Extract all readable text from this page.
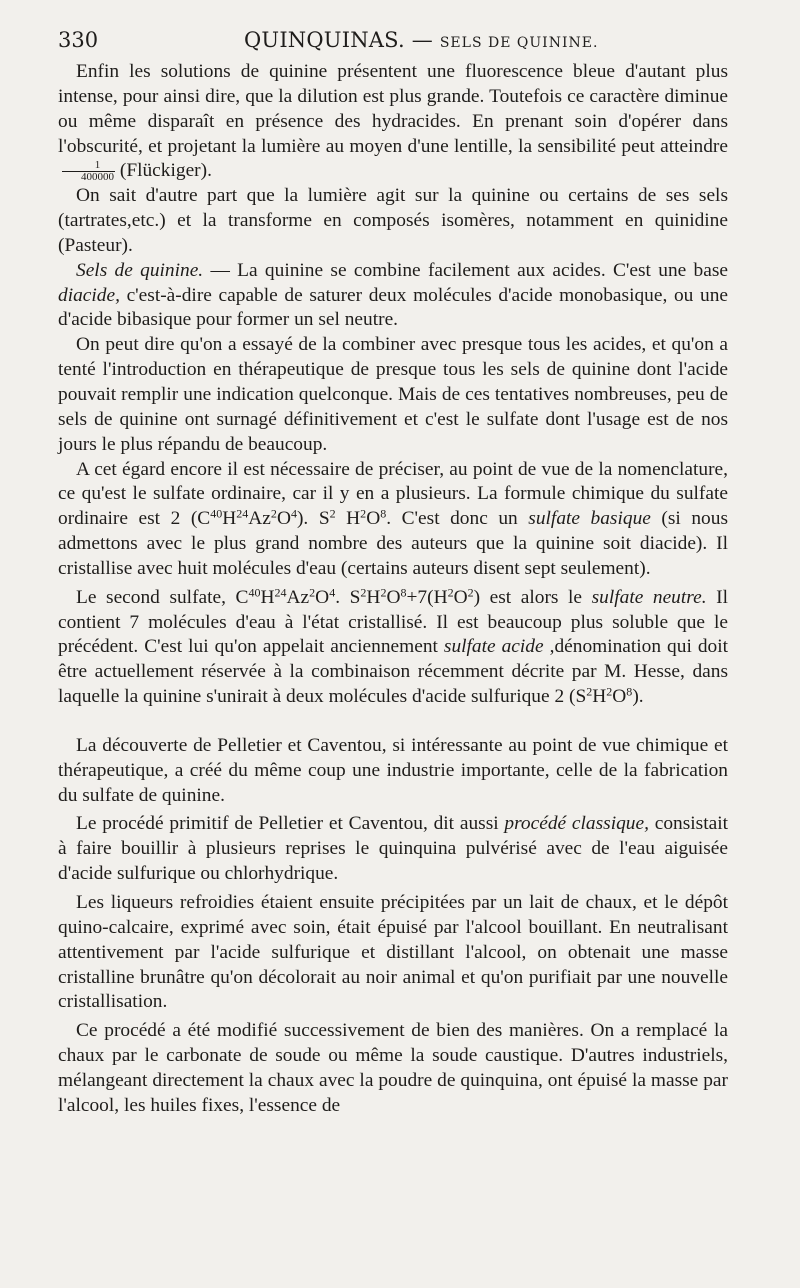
330	QUINQUINAS. — SELS DE QUININE.

Enfin les solutions de quinine présentent une fluorescence bleue d'autant plus intense, pour ainsi dire, que la dilution est plus grande. Toutefois ce caractère diminue ou même disparaît en présence des hydracides. En prenant soin d'opérer dans l'obscurité, et projetant la lumière au moyen d'une lentille, la sensibilité peut atteindre
$\frac{1}{400000}$ (Flückiger).

On sait d'autre part que la lumière agit sur la quinine ou certains de ses sels (tartrates,etc.) et la transforme en composés isomères, notamment en quinidine (Pasteur).

Sels de quinine. — La quinine se combine facilement aux acides. C'est une base diacide, c'est-à-dire capable de saturer deux molécules d'acide monobasique, ou une d'acide bibasique pour former un sel neutre.

On peut dire qu'on a essayé de la combiner avec presque tous les acides, et qu'on a tenté l'introduction en thérapeutique de presque tous les sels de quinine dont l'acide pouvait remplir une indication quelconque. Mais de ces tentatives nombreuses, peu de sels de quinine ont surnagé définitivement et c'est le sulfate dont l'usage est de nos jours le plus répandu de beaucoup.

A cet égard encore il est nécessaire de préciser, au point de vue de la nomenclature, ce qu'est le sulfate ordinaire, car il y en a plusieurs. La formule chimique du sulfate ordinaire est 2 $(C^{40}H^{24}Az^2O^4)$. $S^2$ $H^2O^8$. C'est donc un sulfate basique (si nous admettons avec le plus grand nombre des auteurs que la quinine soit diacide). Il cristallise avec huit molécules d'eau (certains auteurs disent sept seulement).

Le second sulfate, $C^{40}H^{24}Az^2O^4$. $S^2H^2O^8+7(H^2O^2)$ est alors le sulfate neutre. Il contient 7 molécules d'eau à l'état cristallisé. Il est beaucoup plus soluble que le précédent. C'est lui qu'on appelait anciennement sulfate acide ,dénomination qui doit être actuellement réservée à la combinaison récemment décrite par M. Hesse, dans laquelle la quinine s'unirait à deux molécules d'acide sulfurique 2 $(S^2H^2O^8)$.

La découverte de Pelletier et Caventou, si intéressante au point de vue chimique et thérapeutique, a créé du même coup une industrie importante, celle de la fabrication du sulfate de quinine.

Le procédé primitif de Pelletier et Caventou, dit aussi procédé classique, consistait à faire bouillir à plusieurs reprises le quinquina pulvérisé avec de l'eau aiguisée d'acide sulfurique ou chlorhydrique.

Les liqueurs refroidies étaient ensuite précipitées par un lait de chaux, et le dépôt quino-calcaire, exprimé avec soin, était épuisé par l'alcool bouillant. En neutralisant attentivement par l'acide sulfurique et distillant l'alcool, on obtenait une masse cristalline brunâtre qu'on décolorait au noir animal et qu'on purifiait par une nouvelle cristallisation.

Ce procédé a été modifié successivement de bien des manières. On a remplacé la chaux par le carbonate de soude ou même la soude caustique. D'autres industriels, mélangeant directement la chaux avec la poudre de quinquina, ont épuisé la masse par l'alcool, les huiles fixes, l'essence de
